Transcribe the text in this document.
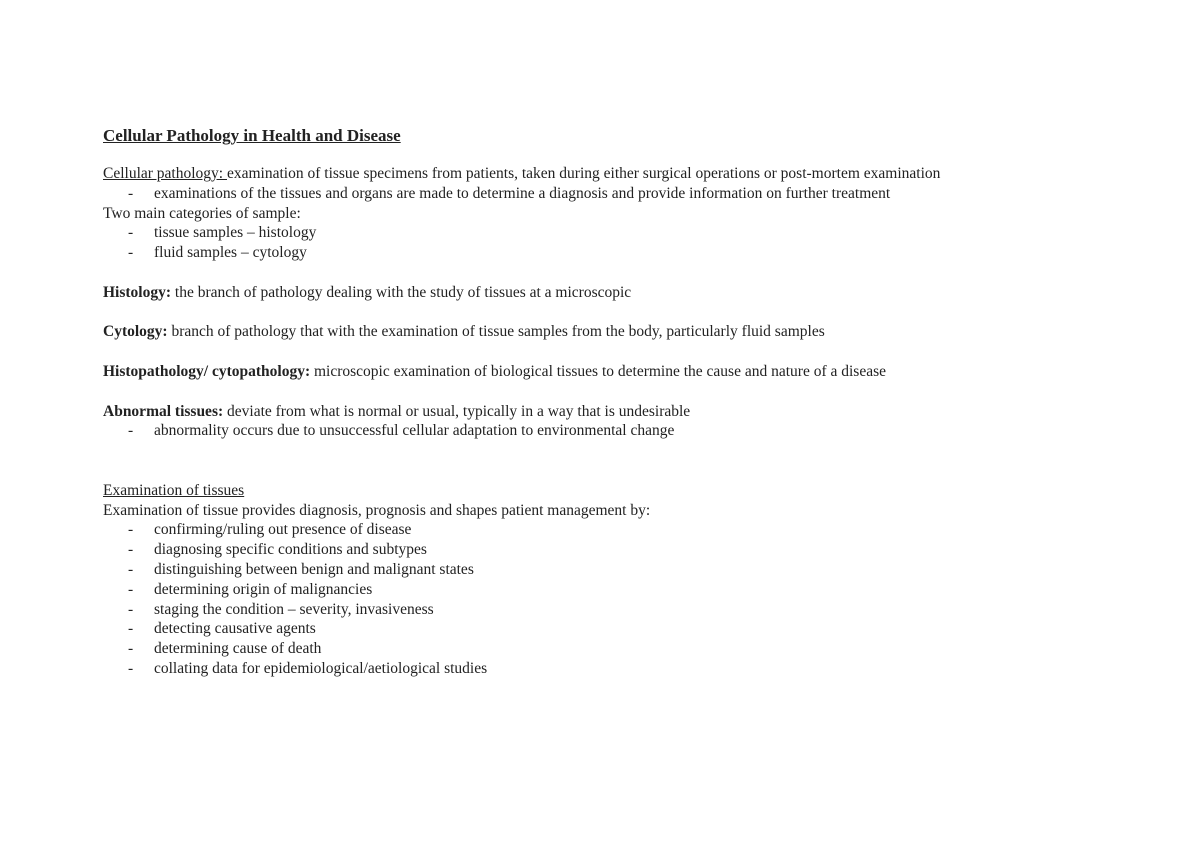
Cellular Pathology in Health and Disease
Cellular pathology: examination of tissue specimens from patients, taken during either surgical operations or post-mortem examination
- examinations of the tissues and organs are made to determine a diagnosis and provide information on further treatment
Two main categories of sample:
- tissue samples – histology
- fluid samples – cytology
Histology: the branch of pathology dealing with the study of tissues at a microscopic
Cytology: branch of pathology that with the examination of tissue samples from the body, particularly fluid samples
Histopathology/ cytopathology: microscopic examination of biological tissues to determine the cause and nature of a disease
Abnormal tissues: deviate from what is normal or usual, typically in a way that is undesirable
- abnormality occurs due to unsuccessful cellular adaptation to environmental change
Examination of tissues
Examination of tissue provides diagnosis, prognosis and shapes patient management by:
- confirming/ruling out presence of disease
- diagnosing specific conditions and subtypes
- distinguishing between benign and malignant states
- determining origin of malignancies
- staging the condition – severity, invasiveness
- detecting causative agents
- determining cause of death
- collating data for epidemiological/aetiological studies
